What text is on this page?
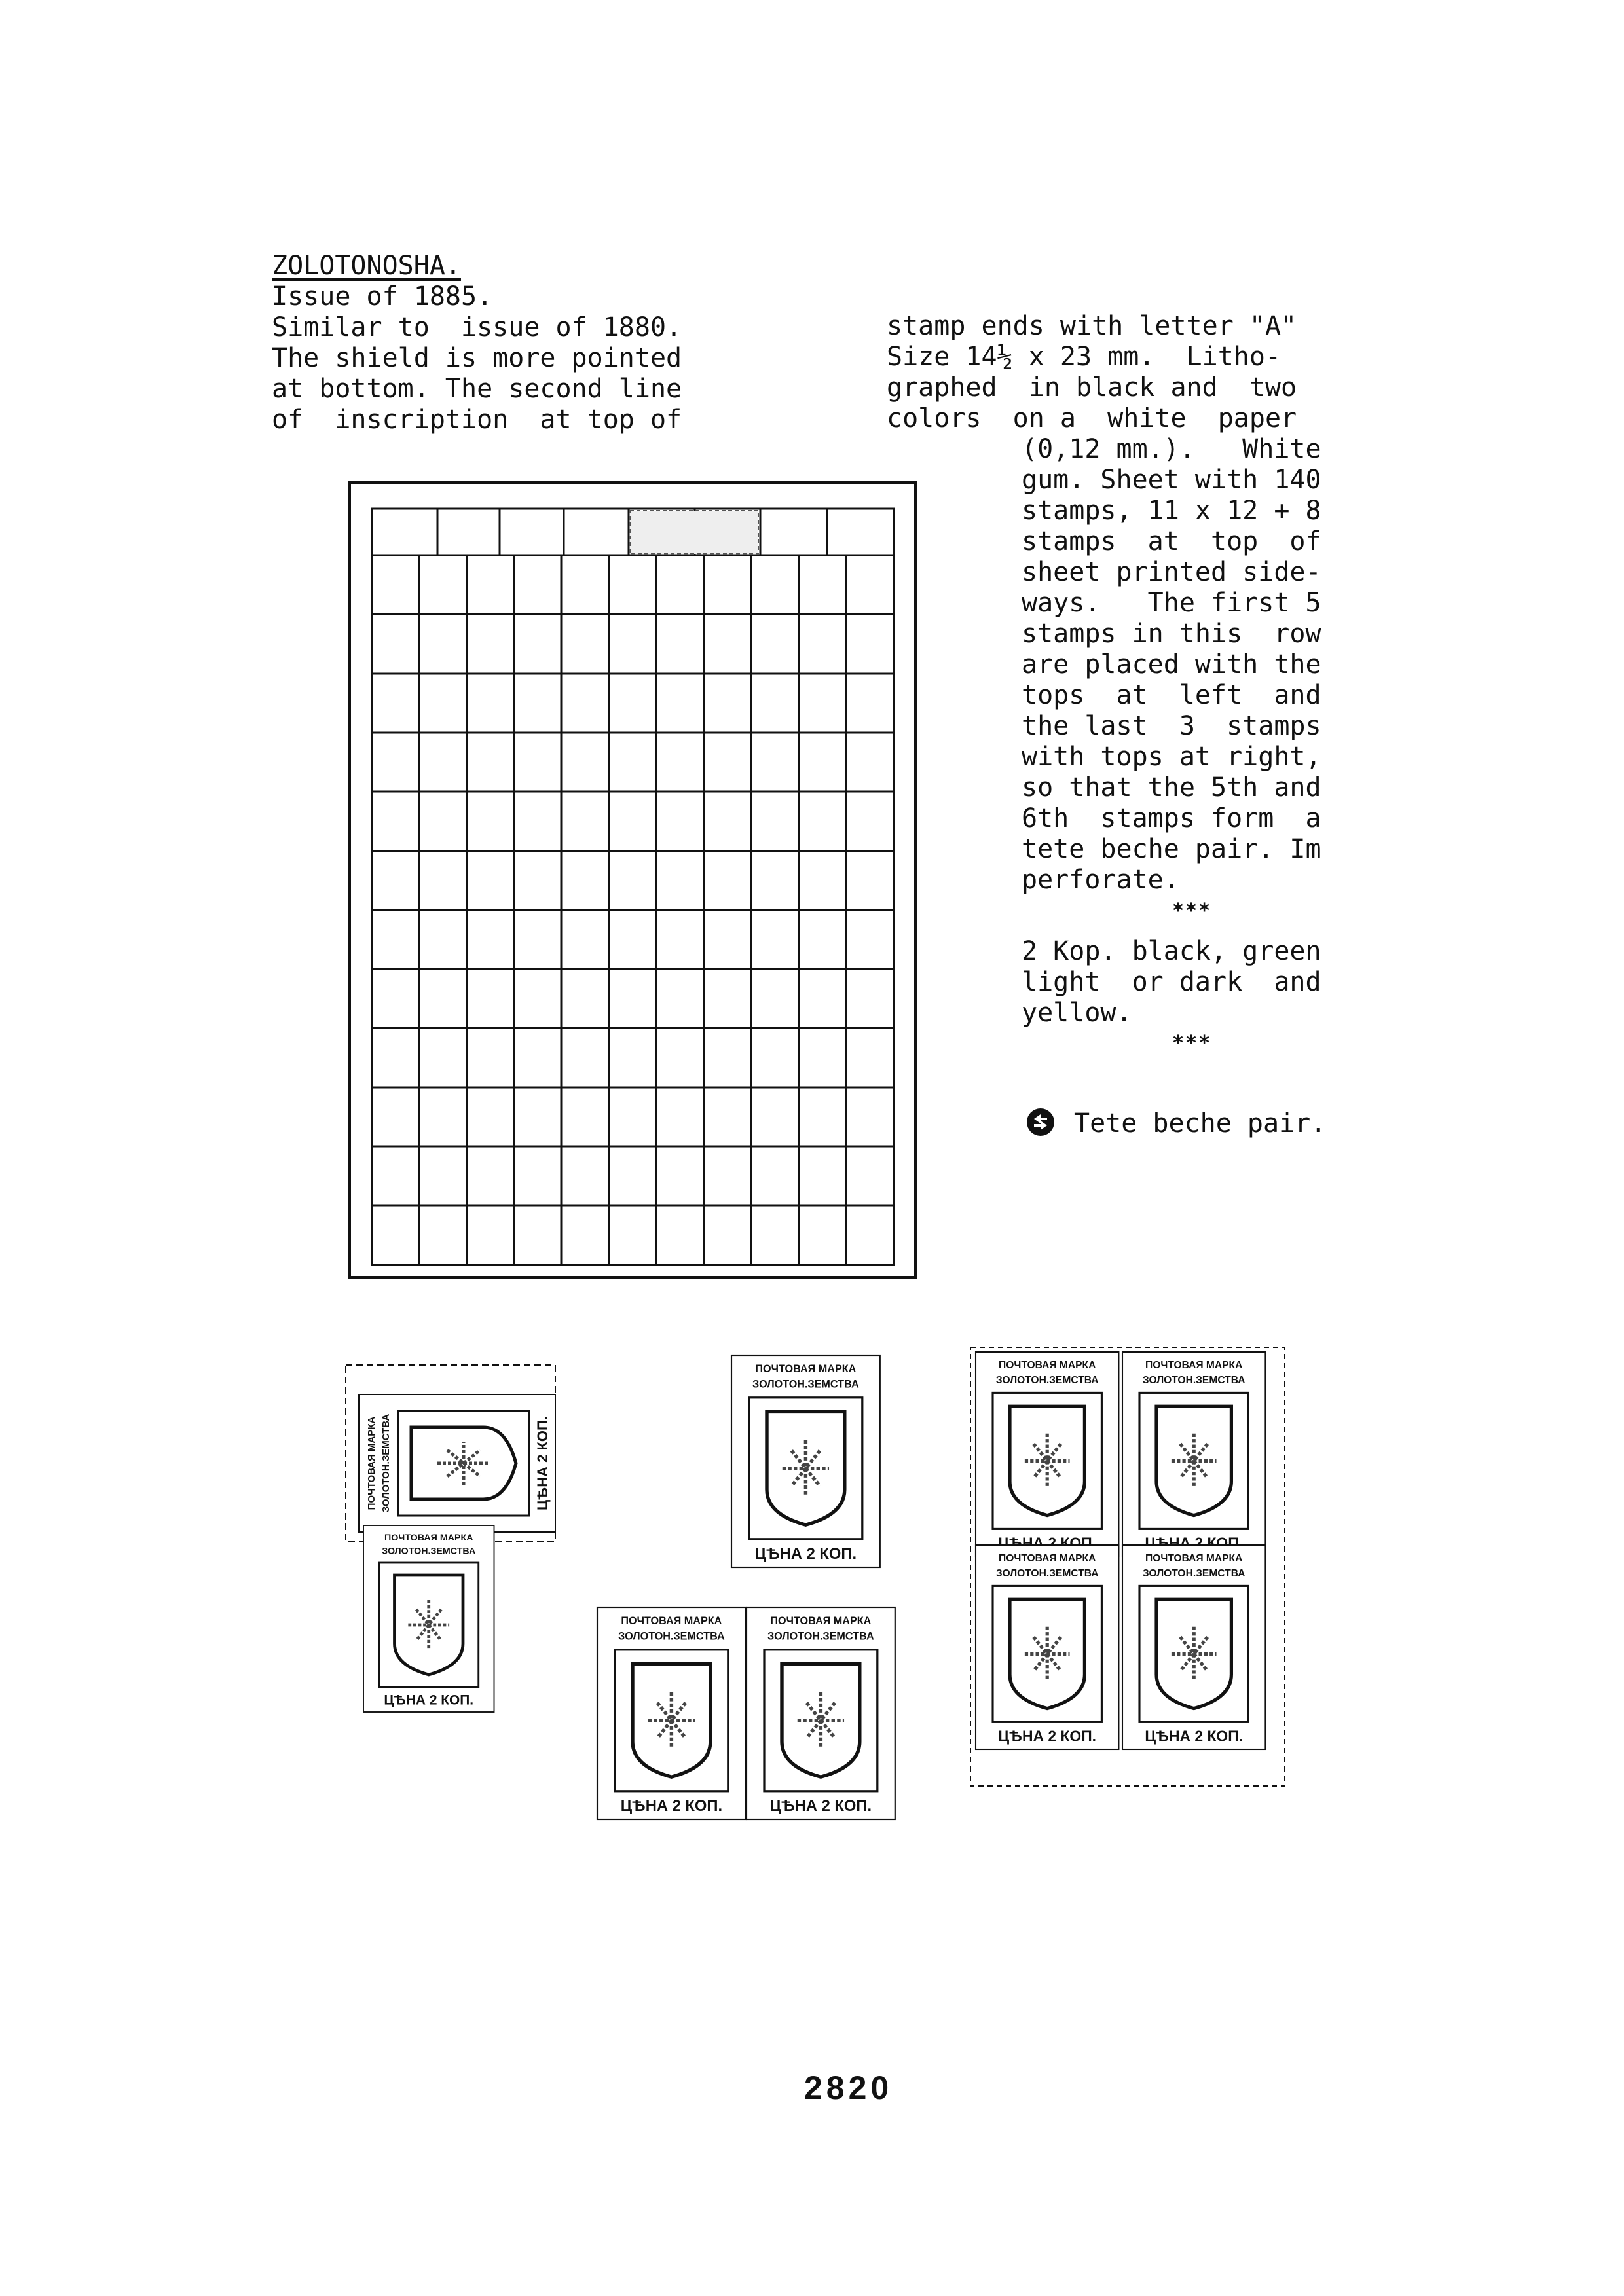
ZOLOTONOSHA.
Issue of 1885.
Similar to  issue of 1880.
The shield is more pointed
at bottom. The second line
of  inscription  at top of
stamp ends with letter "A"
Size 14½ x 23 mm.  Litho-
graphed  in black and  two
colors  on a  white  paper
(0,12 mm.).   White
gum. Sheet with 140
stamps, 11 x 12 + 8
stamps  at  top  of
sheet printed side-
ways.   The first 5
stamps in this  row
are placed with the
tops  at  left  and
the last  3  stamps
with tops at right,
so that the 5th and
6th  stamps form  a
tete beche pair. Im
perforate.
***
2 Kop. black, green
light  or dark  and
yellow.
***
Tete beche pair.
ПОЧТОВАЯ МАРКА
ЗОЛОТОН.ЗЕМСТВА
ЦѢНА 2 КОП.
2820
